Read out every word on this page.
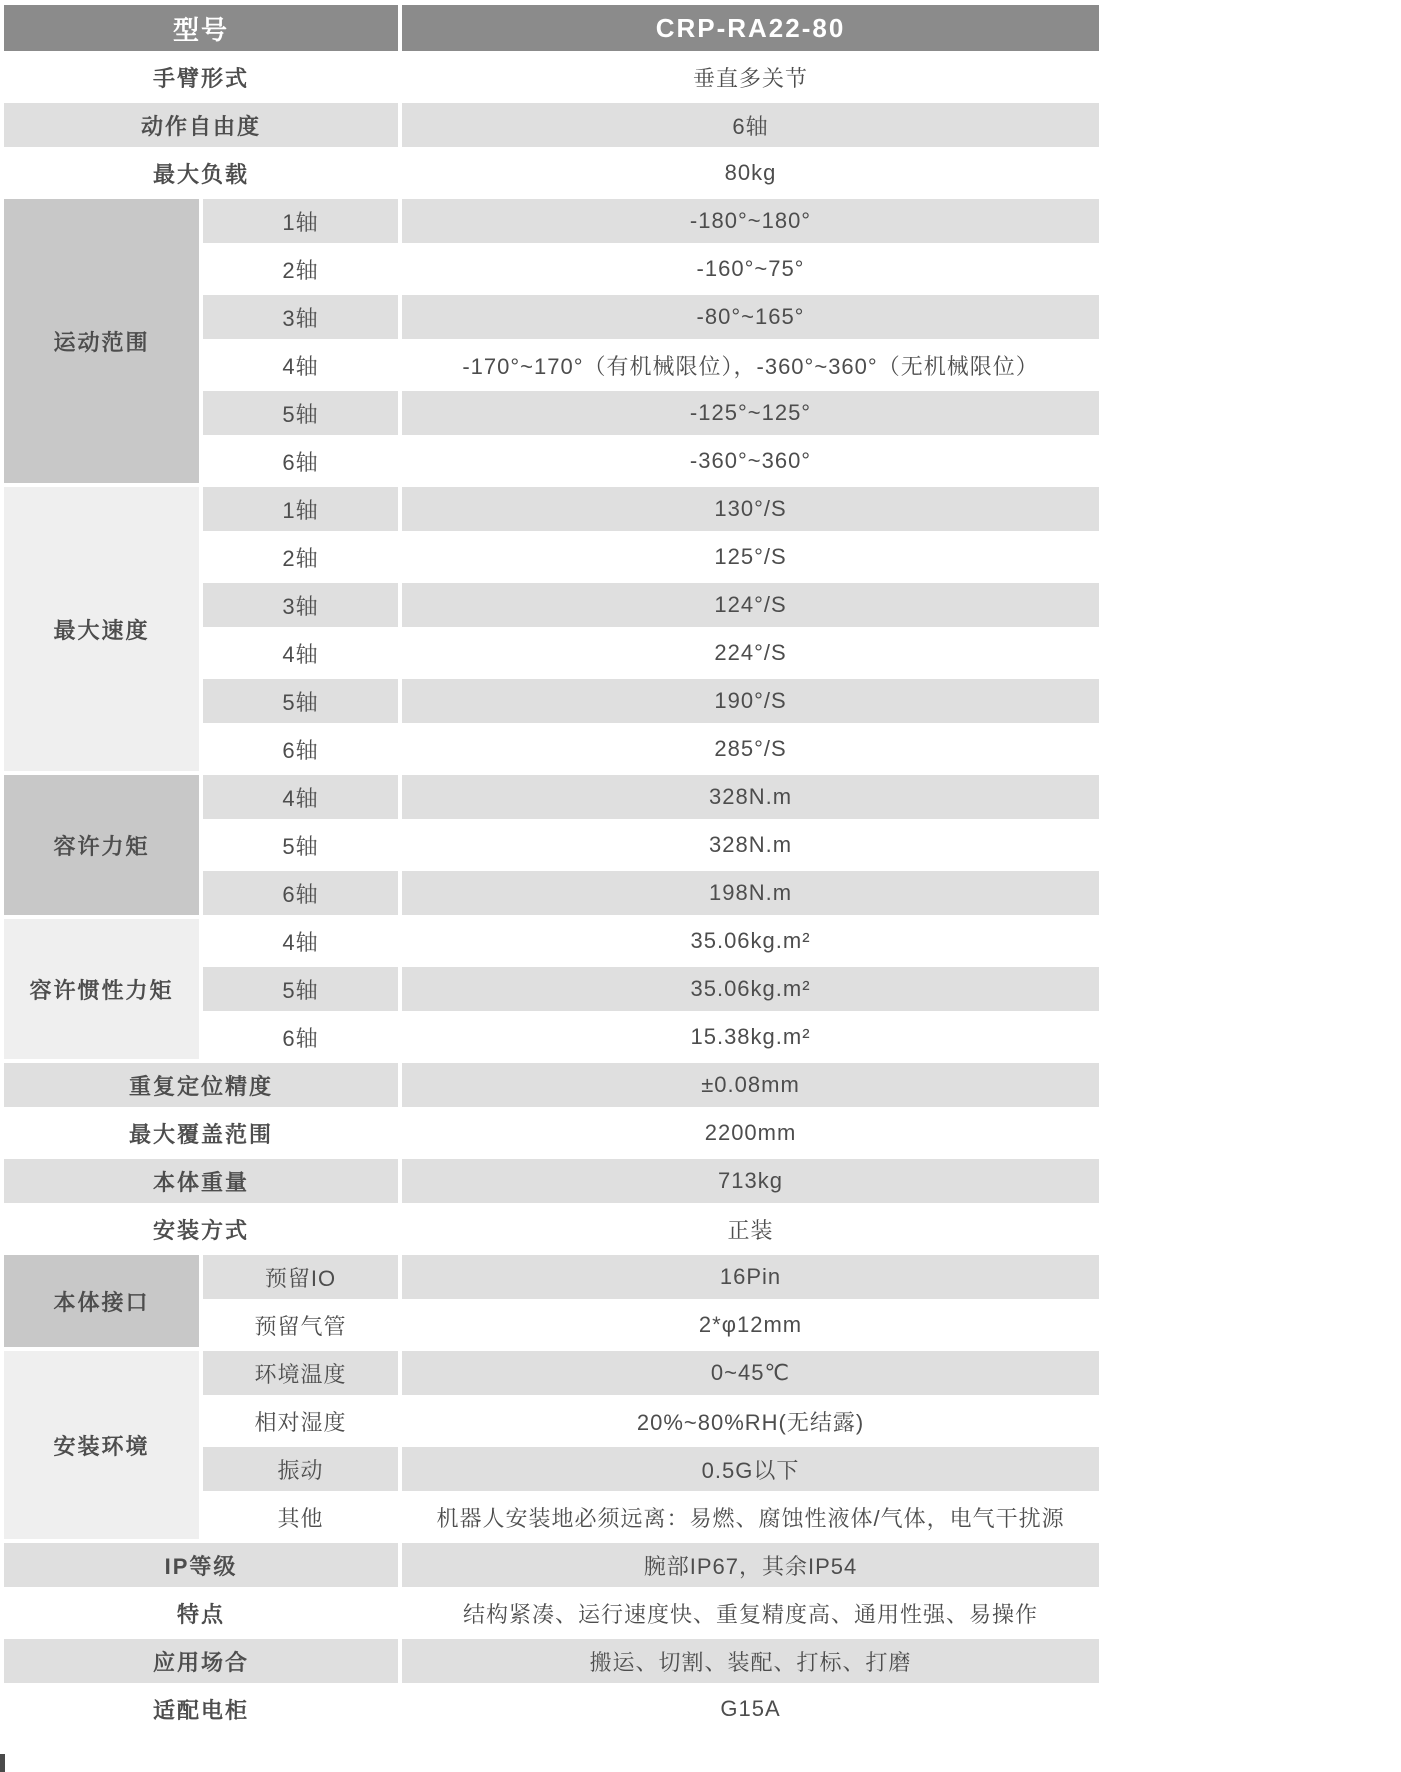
型号		CRP-RA22-80
手臂形式		垂直多关节
动作自由度		6轴
最大负载		80kg
运动范围	1轴	-180°~180°
	2轴	-160°~75°
	3轴	-80°~165°
	4轴	-170°~170°（有机械限位），-360°~360°（无机械限位）
	5轴	-125°~125°
	6轴	-360°~360°
最大速度	1轴	130°/S
	2轴	125°/S
	3轴	124°/S
	4轴	224°/S
	5轴	190°/S
	6轴	285°/S
容许力矩	4轴	328N.m
	5轴	328N.m
	6轴	198N.m
容许惯性力矩	4轴	35.06kg.m²
	5轴	35.06kg.m²
	6轴	15.38kg.m²
重复定位精度		±0.08mm
最大覆盖范围		2200mm
本体重量		713kg
安装方式		正装
本体接口	预留IO	16Pin
	预留气管	2*φ12mm
安装环境	环境温度	0~45℃
	相对湿度	20%~80%RH(无结露)
	振动	0.5G以下
	其他	机器人安装地必须远离：易燃、腐蚀性液体/气体，电气干扰源
IP等级		腕部IP67，其余IP54
特点		结构紧凑、运行速度快、重复精度高、通用性强、易操作
应用场合		搬运、切割、装配、打标、打磨
适配电柜		G15A
